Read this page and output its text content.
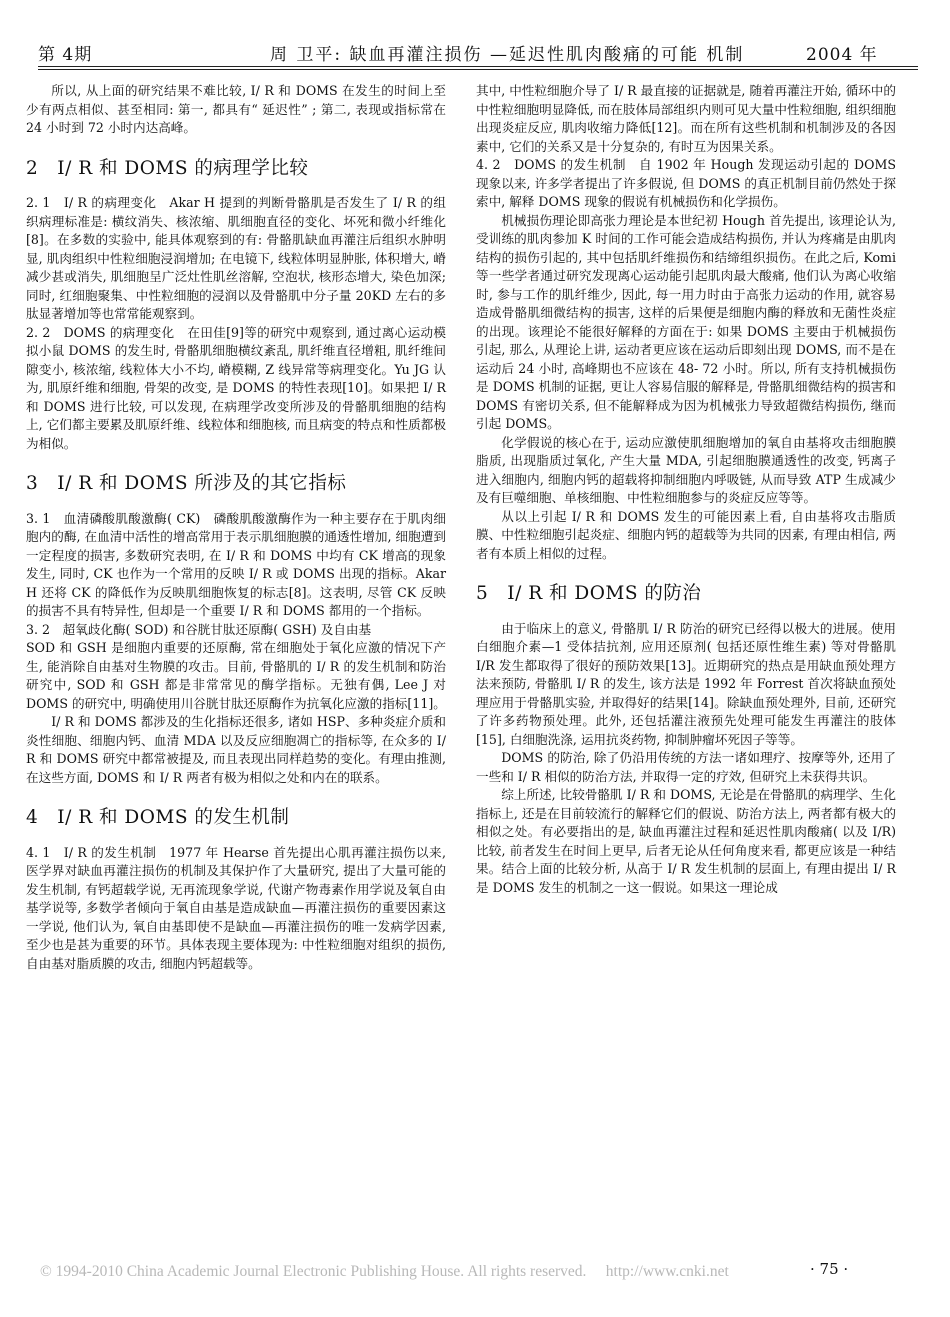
第 4期	周 卫平: 缺血再灌注损伤 —延迟性肌肉酸痛的可能 机制	2004 年

所以, 从上面的研究结果不难比较, I/ R 和 DOMS 在发生的时间上至少有两点相似、甚至相同: 第一, 都具有“ 延迟性” ; 第二, 表现或指标常在 24 小时到 72 小时内达高峰。

2　I/ R 和 DOMS 的病理学比较

2. 1　I/ R 的病理变化　Akar H 提到的判断骨骼肌是否发生了 I/ R 的组织病理标准是: 横纹消失、核浓缩、肌细胞直径的变化、坏死和微小纤维化[8]。在多数的实验中, 能具体观察到的有: 骨骼肌缺血再灌注后组织水肿明显, 肌肉组织中性粒细胞浸润增加; 在电镜下, 线粒体明显肿胀, 体积增大, 嵴减少甚或消失, 肌细胞呈广泛灶性肌丝溶解, 空泡状, 核形态增大, 染色加深; 同时, 红细胞聚集、中性粒细胞的浸润以及骨骼肌中分子量 20KD 左右的多肽显著增加等也常常能观察到。

2. 2　DOMS 的病理变化　在田佳[9]等的研究中观察到, 通过离心运动模拟小鼠 DOMS 的发生时, 骨骼肌细胞横纹紊乱, 肌纤维直径增粗, 肌纤维间隙变小, 核浓缩, 线粒体大小不均, 嵴模糊, Z 线异常等病理变化。Yu JG 认为, 肌原纤维和细胞, 骨架的改变, 是 DOMS 的特性表现[10]。如果把 I/ R 和 DOMS 进行比较, 可以发现, 在病理学改变所涉及的骨骼肌细胞的结构上, 它们都主要累及肌原纤维、线粒体和细胞核, 而且病变的特点和性质都极为相似。

3　I/ R 和 DOMS 所涉及的其它指标

3. 1　血清磷酸肌酸激酶( CK)　磷酸肌酸激酶作为一种主要存在于肌肉细胞内的酶, 在血清中活性的增高常用于表示肌细胞膜的通透性增加, 细胞遭到一定程度的损害, 多数研究表明, 在 I/ R 和 DOMS 中均有 CK 增高的现象发生, 同时, CK 也作为一个常用的反映 I/ R 或 DOMS 出现的指标。Akar H 还将 CK 的降低作为反映肌细胞恢复的标志[8]。这表明, 尽管 CK 反映的损害不具有特异性, 但却是一个重要 I/ R 和 DOMS 都用的一个指标。

3. 2　超氧歧化酶( SOD) 和谷胱甘肽还原酶( GSH) 及自由基

SOD 和 GSH 是细胞内重要的还原酶, 常在细胞处于氧化应激的情况下产生, 能消除自由基对生物膜的攻击。目前, 骨骼肌的 I/ R 的发生机制和防治研究中, SOD 和 GSH 都是非常常见的酶学指标。无独有偶, Lee J 对 DOMS 的研究中, 明确使用川谷胱甘肽还原酶作为抗氧化应激的指标[11]。

I/ R 和 DOMS 都涉及的生化指标还很多, 诸如 HSP、多种炎症介质和炎性细胞、细胞内钙、血清 MDA 以及反应细胞凋亡的指标等, 在众多的 I/ R 和 DOMS 研究中都常被提及, 而且表现出同样趋势的变化。有理由推测, 在这些方面, DOMS 和 I/ R 两者有极为相似之处和内在的联系。

4　I/ R 和 DOMS 的发生机制

4. 1　I/ R 的发生机制　1977 年 Hearse 首先提出心肌再灌注损伤以来, 医学界对缺血再灌注损伤的机制及其保护作了大量研究, 提出了大量可能的发生机制, 有钙超载学说, 无再流现象学说, 代谢产物毒素作用学说及氧自由基学说等, 多数学者倾向于氧自由基是造成缺血—再灌注损伤的重要因素这一学说, 他们认为, 氧自由基即使不是缺血—再灌注损伤的唯一发病学因素, 至少也是甚为重要的环节。具体表现主要体现为: 中性粒细胞对组织的损伤, 自由基对脂质膜的攻击, 细胞内钙超载等。

其中, 中性粒细胞介导了 I/ R 最直接的证据就是, 随着再灌注开始, 循环中的中性粒细胞明显降低, 而在肢体局部组织内则可见大量中性粒细胞, 组织细胞出现炎症反应, 肌肉收缩力降低[12]。而在所有这些机制和机制涉及的各因素中, 它们的关系又是十分复杂的, 有时互为因果关系。

4. 2　DOMS 的发生机制　自 1902 年 Hough 发现运动引起的 DOMS 现象以来, 许多学者提出了许多假说, 但 DOMS 的真正机制目前仍然处于探索中, 解释 DOMS 现象的假说有机械损伤和化学损伤。

机械损伤理论即高张力理论是本世纪初 Hough 首先提出, 该理论认为, 受训练的肌肉参加 K 时间的工作可能会造成结构损伤, 并认为疼痛是由肌肉结构的损伤引起的, 其中包括肌纤维损伤和结缔组织损伤。在此之后, Komi 等一些学者通过研究发现离心运动能引起肌肉最大酸痛, 他们认为离心收缩时, 参与工作的肌纤维少, 因此, 每一用力时由于高张力运动的作用, 就容易造成骨骼肌细微结构的损害, 这样的后果便是细胞内酶的释放和无菌性炎症的出现。该理论不能很好解释的方面在于: 如果 DOMS 主要由于机械损伤引起, 那么, 从理论上讲, 运动者更应该在运动后即刻出现 DOMS, 而不是在运动后 24 小时, 高峰期也不应该在 48- 72 小时。所以, 所有支持机械损伤是 DOMS 机制的证据, 更让人容易信服的解释是, 骨骼肌细微结构的损害和 DOMS 有密切关系, 但不能解释成为因为机械张力导致超微结构损伤, 继而引起 DOMS。

化学假说的核心在于, 运动应激使肌细胞增加的氧自由基将攻击细胞膜脂质, 出现脂质过氧化, 产生大量 MDA, 引起细胞膜通透性的改变, 钙离子进入细胞内, 细胞内钙的超载将抑制细胞内呼吸链, 从而导致 ATP 生成减少及有巨噬细胞、单核细胞、中性粒细胞参与的炎症反应等等。

从以上引起 I/ R 和 DOMS 发生的可能因素上看, 自由基将攻击脂质膜、中性粒细胞引起炎症、细胞内钙的超载等为共同的因素, 有理由相信, 两者有本质上相似的过程。

5　I/ R 和 DOMS 的防治

由于临床上的意义, 骨骼肌 I/ R 防治的研究已经得以极大的进展。使用白细胞介素—1 受体拮抗剂, 应用还原剂( 包括还原性维生素) 等对骨骼肌 I/R 发生都取得了很好的预防效果[13]。近期研究的热点是用缺血预处理方法来预防, 骨骼肌 I/ R 的发生, 该方法是 1992 年 Forrest 首次将缺血预处理应用于骨骼肌实验, 并取得好的结果[14]。除缺血预处理外, 目前, 还研究了许多药物预处理。此外, 还包括灌注液预先处理可能发生再灌注的肢体[15], 白细胞洗涤, 运用抗炎药物, 抑制肿瘤坏死因子等等。

DOMS 的防治, 除了仍沿用传统的方法一诸如理疗、按摩等外, 还用了一些和 I/ R 相似的防治方法, 并取得一定的疗效, 但研究上未获得共识。

综上所述, 比较骨骼肌 I/ R 和 DOMS, 无论是在骨骼肌的病理学、生化指标上, 还是在目前较流行的解释它们的假说、防治方法上, 两者都有极大的相似之处。有必要指出的是, 缺血再灌注过程和延迟性肌肉酸痛( 以及 I/R) 比较, 前者发生在时间上更早, 后者无论从任何角度来看, 都更应该是一种结果。结合上面的比较分析, 从高于 I/ R 发生机制的层面上, 有理由提出 I/ R 是 DOMS 发生的机制之一这一假说。如果这一理论成

© 1994-2010 China Academic Journal Electronic Publishing House. All rights reserved.　 http://www.cnki.net	· 75 ·
